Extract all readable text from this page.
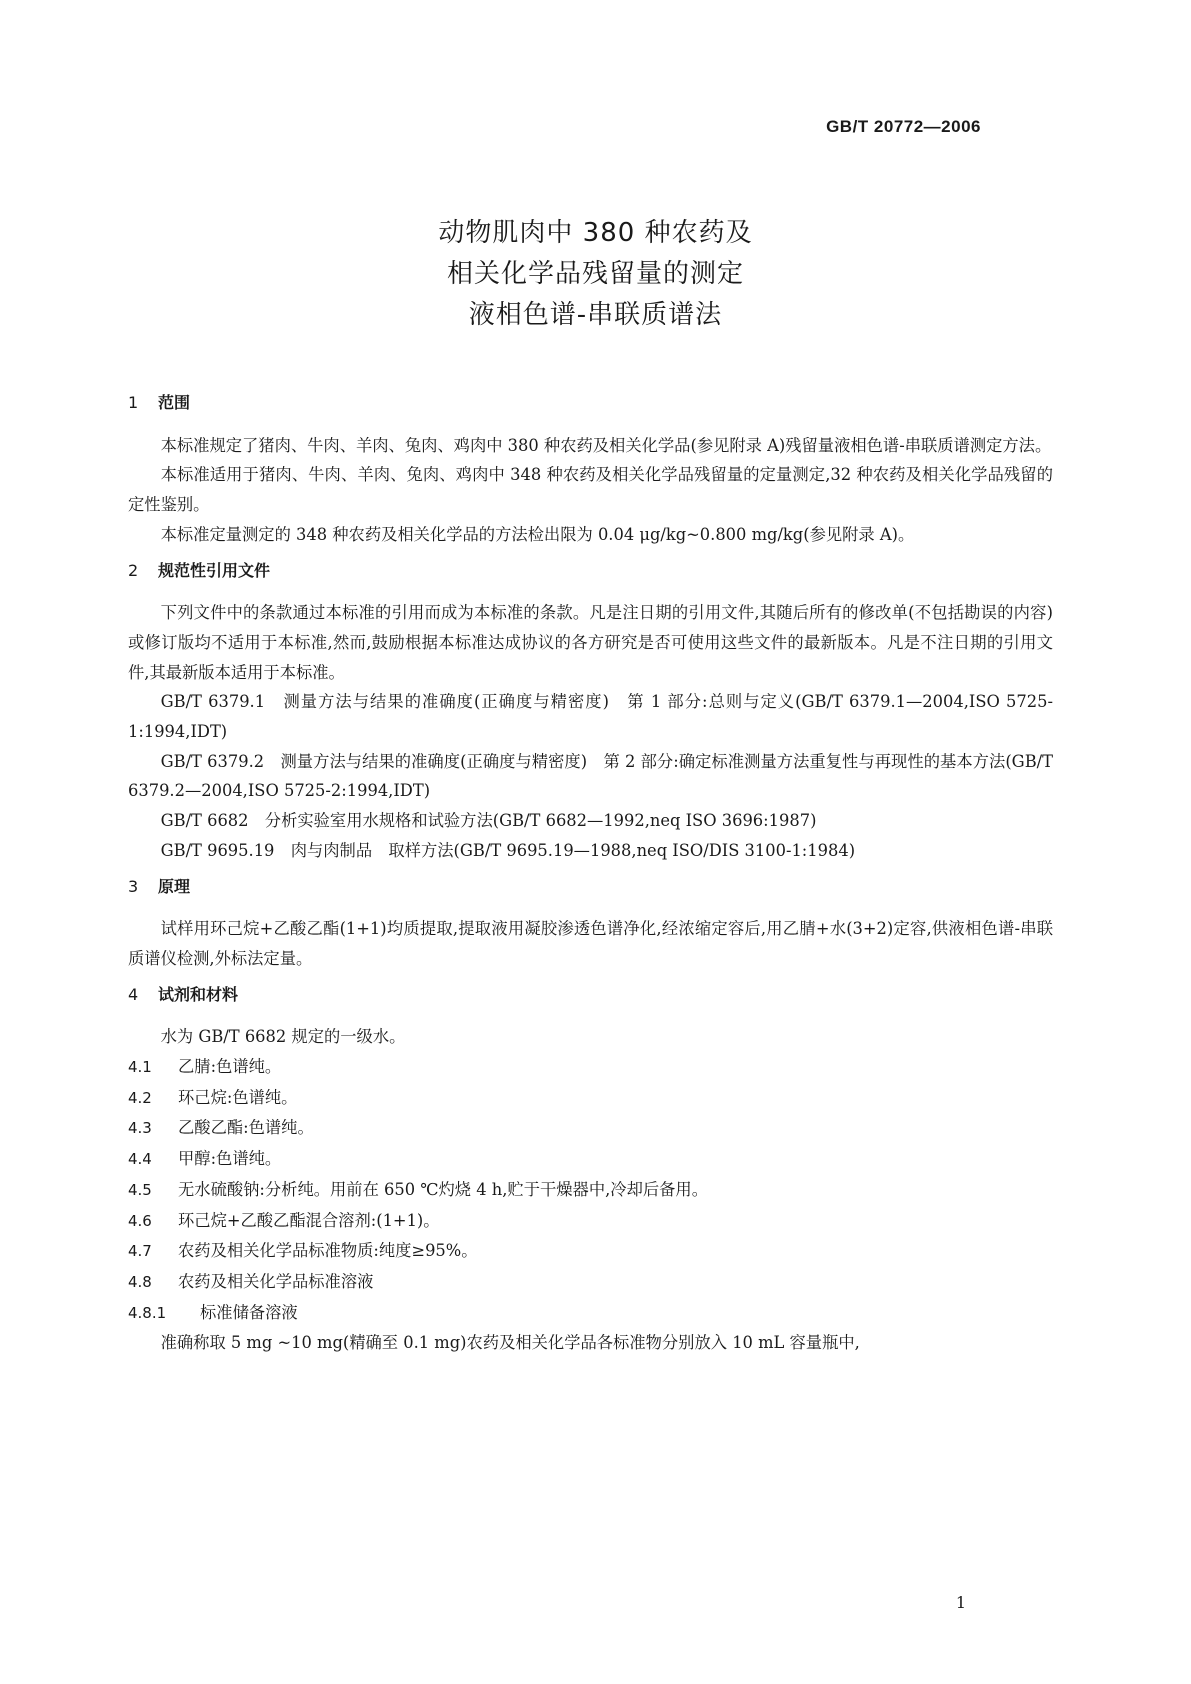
GB/T 20772—2006
动物肌肉中 380 种农药及
相关化学品残留量的测定
液相色谱-串联质谱法
1 范围

本标准规定了猪肉、牛肉、羊肉、兔肉、鸡肉中 380 种农药及相关化学品(参见附录 A)残留量液相色谱-串联质谱测定方法。

本标准适用于猪肉、牛肉、羊肉、兔肉、鸡肉中 348 种农药及相关化学品残留量的定量测定,32 种农药及相关化学品残留的定性鉴别。

本标准定量测定的 348 种农药及相关化学品的方法检出限为 0.04 μg/kg~0.800 mg/kg(参见附录 A)。

2 规范性引用文件

下列文件中的条款通过本标准的引用而成为本标准的条款。凡是注日期的引用文件,其随后所有的修改单(不包括勘误的内容)或修订版均不适用于本标准,然而,鼓励根据本标准达成协议的各方研究是否可使用这些文件的最新版本。凡是不注日期的引用文件,其最新版本适用于本标准。

GB/T 6379.1　测量方法与结果的准确度(正确度与精密度)　第 1 部分:总则与定义(GB/T 6379.1—2004,ISO 5725-1:1994,IDT)

GB/T 6379.2　测量方法与结果的准确度(正确度与精密度)　第 2 部分:确定标准测量方法重复性与再现性的基本方法(GB/T 6379.2—2004,ISO 5725-2:1994,IDT)

GB/T 6682　分析实验室用水规格和试验方法(GB/T 6682—1992,neq ISO 3696:1987)

GB/T 9695.19　肉与肉制品　取样方法(GB/T 9695.19—1988,neq ISO/DIS 3100-1:1984)

3 原理

试样用环己烷+乙酸乙酯(1+1)均质提取,提取液用凝胶渗透色谱净化,经浓缩定容后,用乙腈+水(3+2)定容,供液相色谱-串联质谱仪检测,外标法定量。

4 试剂和材料

水为 GB/T 6682 规定的一级水。

4.1 乙腈:色谱纯。
4.2 环己烷:色谱纯。
4.3 乙酸乙酯:色谱纯。
4.4 甲醇:色谱纯。
4.5 无水硫酸钠:分析纯。用前在 650 ℃灼烧 4 h,贮于干燥器中,冷却后备用。
4.6 环己烷+乙酸乙酯混合溶剂:(1+1)。
4.7 农药及相关化学品标准物质:纯度≥95%。
4.8 农药及相关化学品标准溶液
4.8.1 标准储备溶液

准确称取 5 mg ~10 mg(精确至 0.1 mg)农药及相关化学品各标准物分别放入 10 mL 容量瓶中,

1
